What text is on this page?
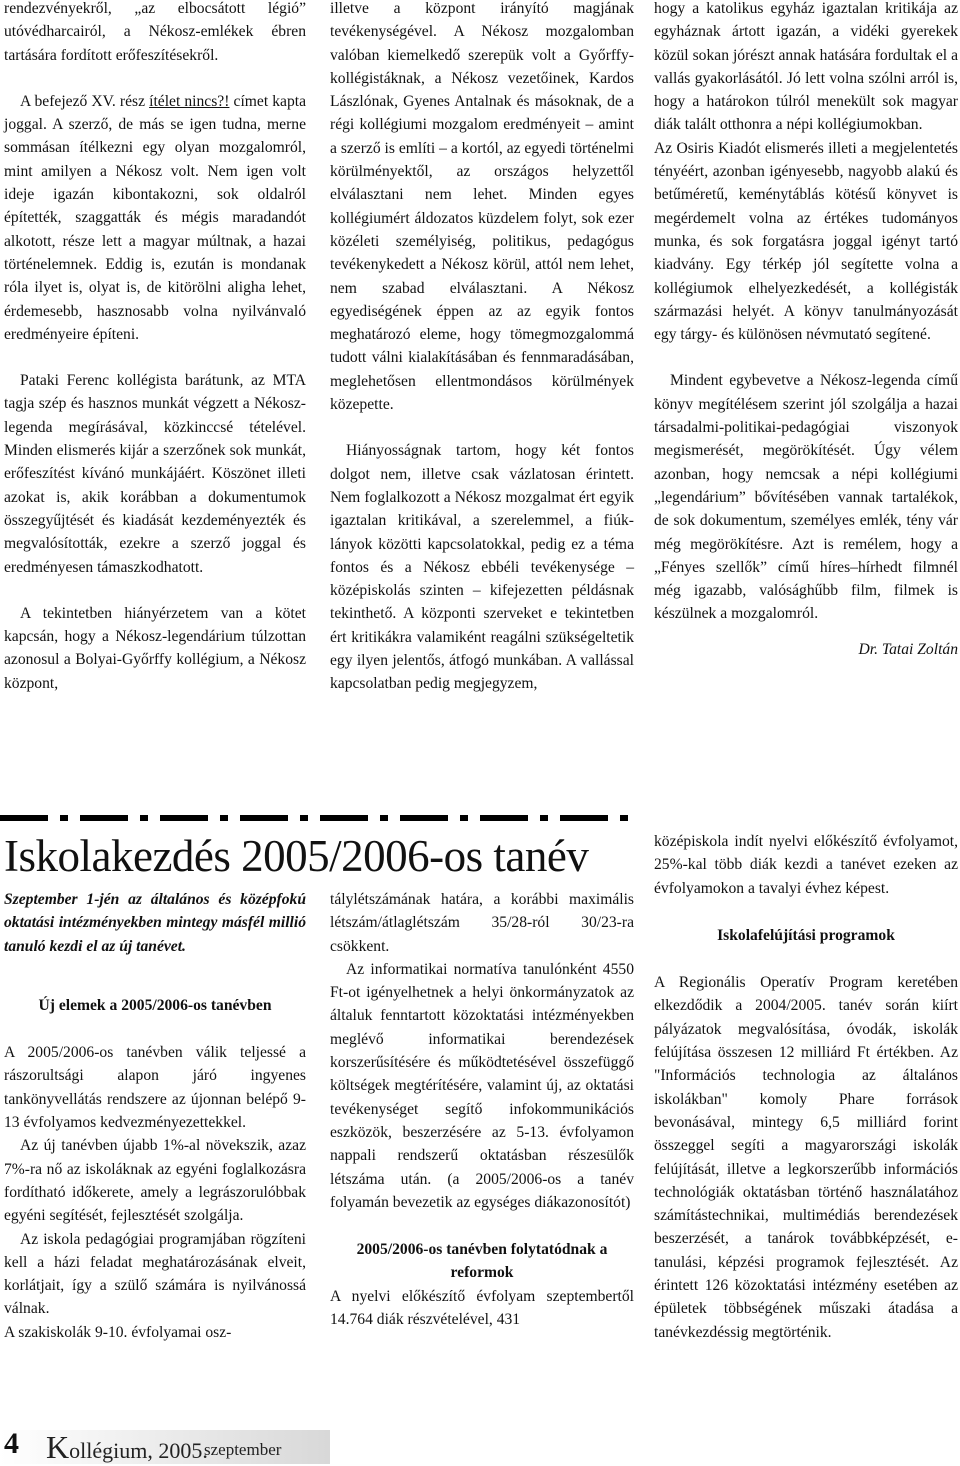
rendezvényekről, „az elbocsátott légió” utóvédharcairól, a Nékosz-emlékek ébren tartására fordított erőfeszítésekről.

A befejező XV. rész ítélet nincs?! címet kapta joggal. A szerző, de más se igen tudna, merne sommásan ítélkezni egy olyan mozgalomról, mint amilyen a Nékosz volt. Nem igen volt ideje igazán kibontakozni, sok oldalról építették, szaggatták és mégis maradandót alkotott, része lett a magyar múltnak, a hazai történelemnek. Eddig is, ezután is mondanak róla ilyet is, olyat is, de kitörölni aligha lehet, érdemesebb, hasznosabb volna nyilvánvaló eredményeire építeni.

Pataki Ferenc kollégista barátunk, az MTA tagja szép és hasznos munkát végzett a Nékosz-legenda megírásával, közkinccsé tételével. Minden elismerés kijár a szerzőnek sok munkát, erőfeszítést kívánó munkájáért. Köszönet illeti azokat is, akik korábban a dokumentumok összegyűjtését és kiadását kezdeményezték és megvalósították, ezekre a szerző joggal és eredményesen támaszkodhatott.

A tekintetben hiányérzetem van a kötet kapcsán, hogy a Nékosz-legendárium túlzottan azonosul a Bolyai-Győrffy kollégium, a Nékosz központ,

illetve a központ irányító magjának tevékenységével. A Nékosz mozgalomban valóban kiemelkedő szerepük volt a Győrffy-kollégistáknak, a Nékosz vezetőinek, Kardos Lászlónak, Gyenes Antalnak és másoknak, de a régi kollégiumi mozgalom eredményeit – amint a szerző is említi – a kortól, az egyedi történelmi körülményektől, az országos helyzettől elválasztani nem lehet. Minden egyes kollégiumért áldozatos küzdelem folyt, sok ezer közéleti személyiség, politikus, pedagógus tevékenykedett a Nékosz körül, attól nem lehet, nem szabad elválasztani. A Nékosz egyediségének éppen az az egyik fontos meghatározó eleme, hogy tömegmozgalommá tudott válni kialakításában és fennmaradásában, meglehetősen ellentmondásos körülmények közepette.

Hiányosságnak tartom, hogy két fontos dolgot nem, illetve csak vázlatosan érintett. Nem foglalkozott a Nékosz mozgalmat ért egyik igaztalan kritikával, a szerelemmel, a fiúk-lányok közötti kapcsolatokkal, pedig ez a téma fontos és a Nékosz ebbéli tevékenysége – középiskolás szinten – kifejezetten példásnak tekinthető. A központi szerveket e tekintetben ért kritikákra valamiként reagálni szükségeltetik egy ilyen jelentős, átfogó munkában. A vallással kapcsolatban pedig megjegyzem,

hogy a katolikus egyház igaztalan kritikája az egyháznak ártott igazán, a vidéki gyerekek közül sokan jórészt annak hatására fordultak el a vallás gyakorlásától. Jó lett volna szólni arról is, hogy a határokon túlról menekült sok magyar diák talált otthonra a népi kollégiumokban.

Az Osiris Kiadót elismerés illeti a megjelentetés tényéért, azonban igényesebb, nagyobb alakú és betűméretű, keménytáblás kötésű könyvet is megérdemelt volna az értékes tudományos munka, és sok forgatásra joggal igényt tartó kiadvány. Egy térkép jól segítette volna a kollégiumok elhelyezkedését, a kollégisták származási helyét. A könyv tanulmányozását egy tárgy- és különösen névmutató segítené.

Mindent egybevetve a Nékosz-legenda című könyv megítélésem szerint jól szolgálja a hazai társadalmi-politikai-pedagógiai viszonyok megismerését, megörökítését. Úgy vélem azonban, hogy nemcsak a népi kollégiumi „legendárium” bővítésében vannak tartalékok, de sok dokumentum, személyes emlék, tény vár még megörökítésre. Azt is remélem, hogy a „Fényes szellők” című híres–hírhedt filmnél még igazabb, valósághűbb film, filmek is készülnek a mozgalomról.

Dr. Tatai Zoltán

Iskolakezdés 2005/2006-os tanév

Szeptember 1-jén az általános és középfokú oktatási intézményekben mintegy másfél millió tanuló kezdi el az új tanévet.

Új elemek a 2005/2006-os tanévben

A 2005/2006-os tanévben válik teljessé a rászorultsági alapon járó ingyenes tankönyvellátás rendszere az újonnan belépő 9-13 évfolyamos kedvezményezettekkel.

Az új tanévben újabb 1%-al növekszik, azaz 7%-ra nő az iskoláknak az egyéni foglalkozásra fordítható időkerete, amely a legrászorulóbbak egyéni segítését, fejlesztését szolgálja.

Az iskola pedagógiai programjában rögzíteni kell a házi feladat meghatározásának elveit, korlátjait, így a szülő számára is nyilvánossá válnak.

A szakiskolák 9-10. évfolyamai osz-

tálylétszámának határa, a korábbi maximális létszám/átlaglétszám 35/28-ról 30/23-ra csökkent.

Az informatikai normatíva tanulónként 4550 Ft-ot igényelhetnek a helyi önkormányzatok az általuk fenntartott közoktatási intézményekben meglévő informatikai berendezések korszerűsítésére és működtetésével összefüggő költségek megtérítésére, valamint új, az oktatási tevékenységet segítő infokommunikációs eszközök, beszerzésére az 5-13. évfolyamon nappali rendszerű oktatásban részesülők létszáma után. (a 2005/2006-os a tanév folyamán bevezetik az egységes diákazonosítót)

2005/2006-os tanévben folytatódnak a reformok

A nyelvi előkészítő évfolyam szeptembertől 14.764 diák részvételével, 431

középiskola indít nyelvi előkészítő évfolyamot, 25%-kal több diák kezdi a tanévet ezeken az évfolyamokon a tavalyi évhez képest.

Iskolafelújítási programok

A Regionális Operatív Program keretében elkezdődik a 2004/2005. tanév során kiírt pályázatok megvalósítása, óvodák, iskolák felújítása összesen 12 milliárd Ft értékben. Az "Információs technologia az általános iskolákban" komoly Phare források bevonásával, mintegy 6,5 milliárd forint összeggel segíti a magyarországi iskolák felújítását, illetve a legkorszerűbb információs technológiák oktatásban történő használatához számítástechnikai, multimédiás berendezések beszerzését, a tanárok továbbképzését, e-tanulási, képzési programok fejlesztését. Az érintett 126 közoktatási intézmény esetében az épületek többségének műszaki átadása a tanévkezdéssig megtörténik.

4 Kollégium, 2005.
szeptember
